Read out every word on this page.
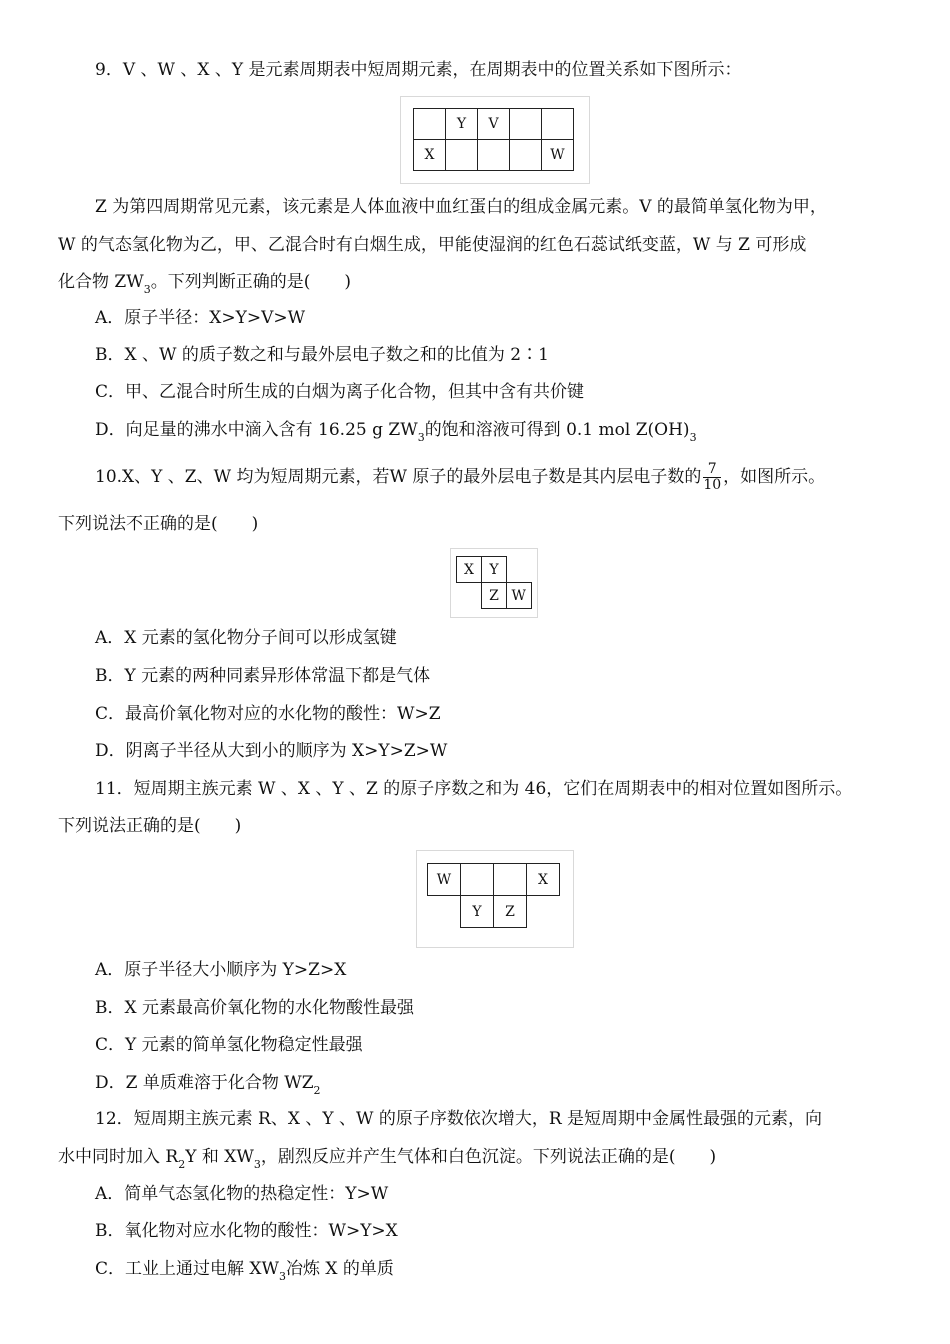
9．V 、W 、X 、Y 是元素周期表中短周期元素，在周期表中的位置关系如下图所示：
	Y	V		
X				W
Z 为第四周期常见元素，该元素是人体血液中血红蛋白的组成金属元素。V 的最简单氢化物为甲，
W 的气态氢化物为乙，甲、乙混合时有白烟生成，甲能使湿润的红色石蕊试纸变蓝，W 与 Z 可形成
化合物 $ZW_3$。下列判断正确的是(　　)
A．原子半径：X>Y>V>W
B．X 、W 的质子数之和与最外层电子数之和的比值为 2∶1
C．甲、乙混合时所生成的白烟为离子化合物，但其中含有共价键
D．向足量的沸水中滴入含有 16.25 g $ZW_3$的饱和溶液可得到 0.1 mol $Z(OH)_3$
10.X、Y 、Z、W 均为短周期元素，若W 原子的最外层电子数是其内层电子数的 $\frac{7}{10}$ ，如图所示。
下列说法不正确的是(　　)
X	Y	
	Z	W
A．X 元素的氢化物分子间可以形成氢键
B．Y 元素的两种同素异形体常温下都是气体
C．最高价氧化物对应的水化物的酸性：W>Z
D．阴离子半径从大到小的顺序为 X>Y>Z>W
11．短周期主族元素 W 、X 、Y 、Z 的原子序数之和为 46，它们在周期表中的相对位置如图所示。
下列说法正确的是(　　)
W			X
	Y	Z	
A．原子半径大小顺序为 Y>Z>X
B．X 元素最高价氧化物的水化物酸性最强
C．Y 元素的简单氢化物稳定性最强
D．Z 单质难溶于化合物 $WZ_2$
12．短周期主族元素 R、X 、Y 、W 的原子序数依次增大，R 是短周期中金属性最强的元素，向
水中同时加入 $R_2Y$ 和 $XW_3$，剧烈反应并产生气体和白色沉淀。下列说法正确的是(　　)
A．简单气态氢化物的热稳定性：Y>W
B．氧化物对应水化物的酸性：W>Y>X
C．工业上通过电解 $XW_3$冶炼 X 的单质
